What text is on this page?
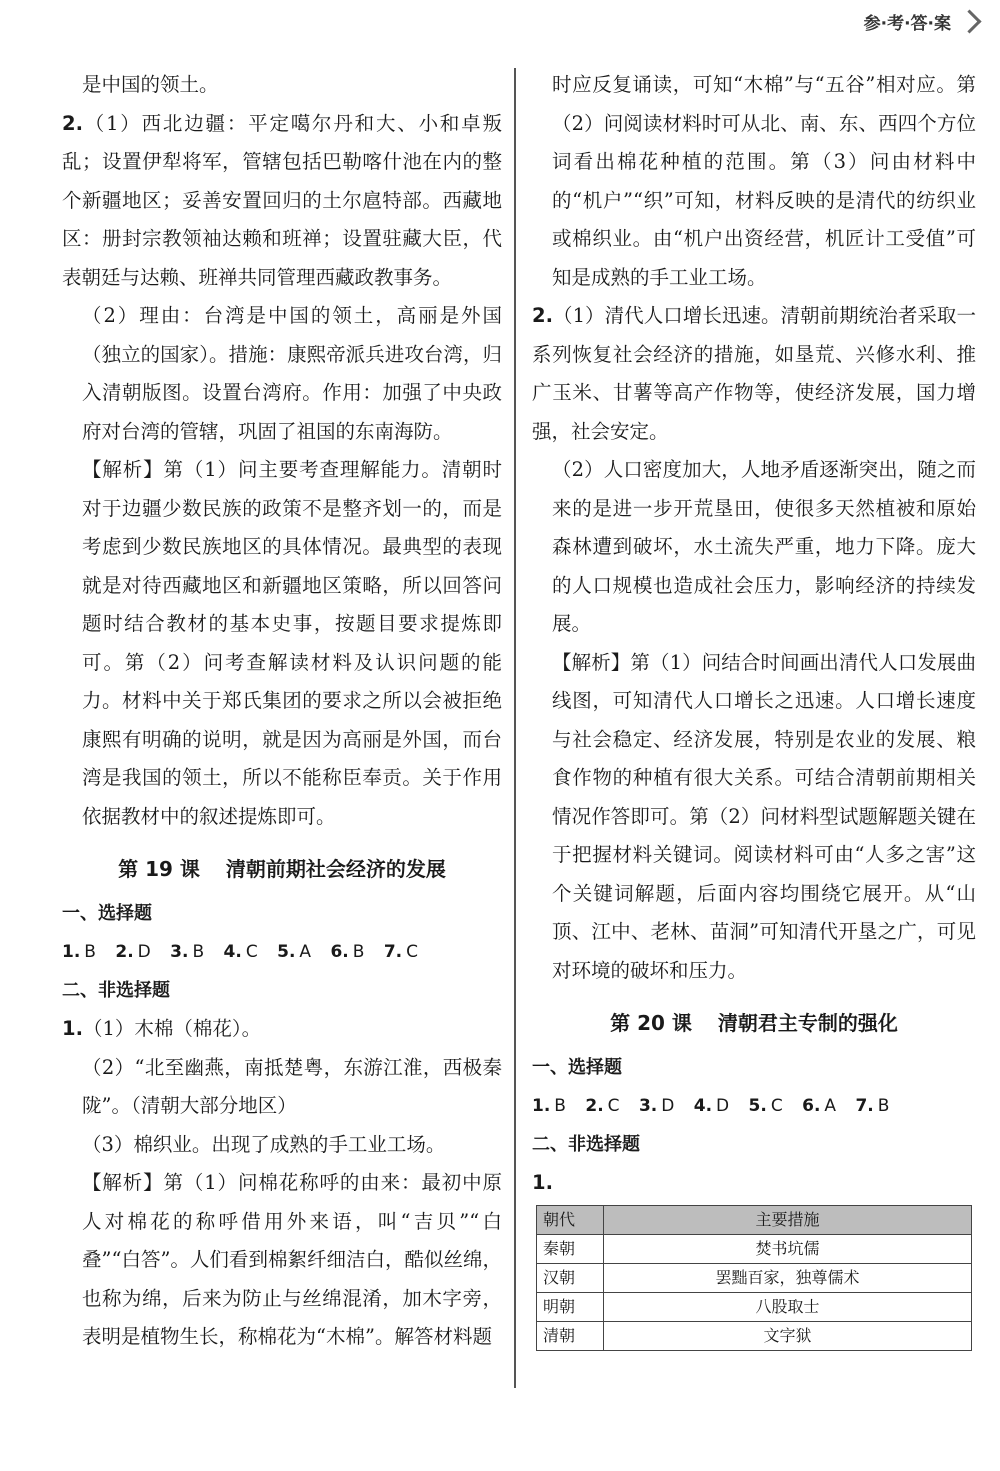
参·考·答·案

是中国的领土。

2.（1）西北边疆：平定噶尔丹和大、小和卓叛乱；设置伊犁将军，管辖包括巴勒喀什池在内的整个新疆地区；妥善安置回归的土尔扈特部。西藏地区：册封宗教领袖达赖和班禅；设置驻藏大臣，代表朝廷与达赖、班禅共同管理西藏政教事务。

（2）理由：台湾是中国的领土，高丽是外国（独立的国家）。措施：康熙帝派兵进攻台湾，归入清朝版图。设置台湾府。作用：加强了中央政府对台湾的管辖，巩固了祖国的东南海防。

【解析】第（1）问主要考查理解能力。清朝时对于边疆少数民族的政策不是整齐划一的，而是考虑到少数民族地区的具体情况。最典型的表现就是对待西藏地区和新疆地区策略，所以回答问题时结合教材的基本史事，按题目要求提炼即可。第（2）问考查解读材料及认识问题的能力。材料中关于郑氏集团的要求之所以会被拒绝康熙有明确的说明，就是因为高丽是外国，而台湾是我国的领土，所以不能称臣奉贡。关于作用依据教材中的叙述提炼即可。

第 19 课 清朝前期社会经济的发展

一、选择题

1. B 2. D 3. B 4. C 5. A 6. B 7. C

二、非选择题

1.（1）木棉（棉花）。

（2）“北至幽燕，南抵楚粤，东游江淮，西极秦陇”。（清朝大部分地区）

（3）棉织业。出现了成熟的手工业工场。

【解析】第（1）问棉花称呼的由来：最初中原人对棉花的称呼借用外来语，叫“吉贝”“白叠”“白答”。人们看到棉絮纤细洁白，酷似丝绵，也称为绵，后来为防止与丝绵混淆，加木字旁，表明是植物生长，称棉花为“木棉”。解答材料题

时应反复诵读，可知“木棉”与“五谷”相对应。第（2）问阅读材料时可从北、南、东、西四个方位词看出棉花种植的范围。第（3）问由材料中的“机户”“织”可知，材料反映的是清代的纺织业或棉织业。由“机户出资经营，机匠计工受值”可知是成熟的手工业工场。

2.（1）清代人口增长迅速。清朝前期统治者采取一系列恢复社会经济的措施，如垦荒、兴修水利、推广玉米、甘薯等高产作物等，使经济发展，国力增强，社会安定。

（2）人口密度加大，人地矛盾逐渐突出，随之而来的是进一步开荒垦田，使很多天然植被和原始森林遭到破坏，水土流失严重，地力下降。庞大的人口规模也造成社会压力，影响经济的持续发展。

【解析】第（1）问结合时间画出清代人口发展曲线图，可知清代人口增长之迅速。人口增长速度与社会稳定、经济发展，特别是农业的发展、粮食作物的种植有很大关系。可结合清朝前期相关情况作答即可。第（2）问材料型试题解题关键在于把握材料关键词。阅读材料可由“人多之害”这个关键词解题，后面内容均围绕它展开。从“山顶、江中、老林、苗洞”可知清代开垦之广，可见对环境的破坏和压力。

第 20 课 清朝君主专制的强化

一、选择题

1. B 2. C 3. D 4. D 5. C 6. A 7. B

二、非选择题

1.

朝代	主要措施
秦朝	焚书坑儒
汉朝	罢黜百家，独尊儒术
明朝	八股取士
清朝	文字狱
